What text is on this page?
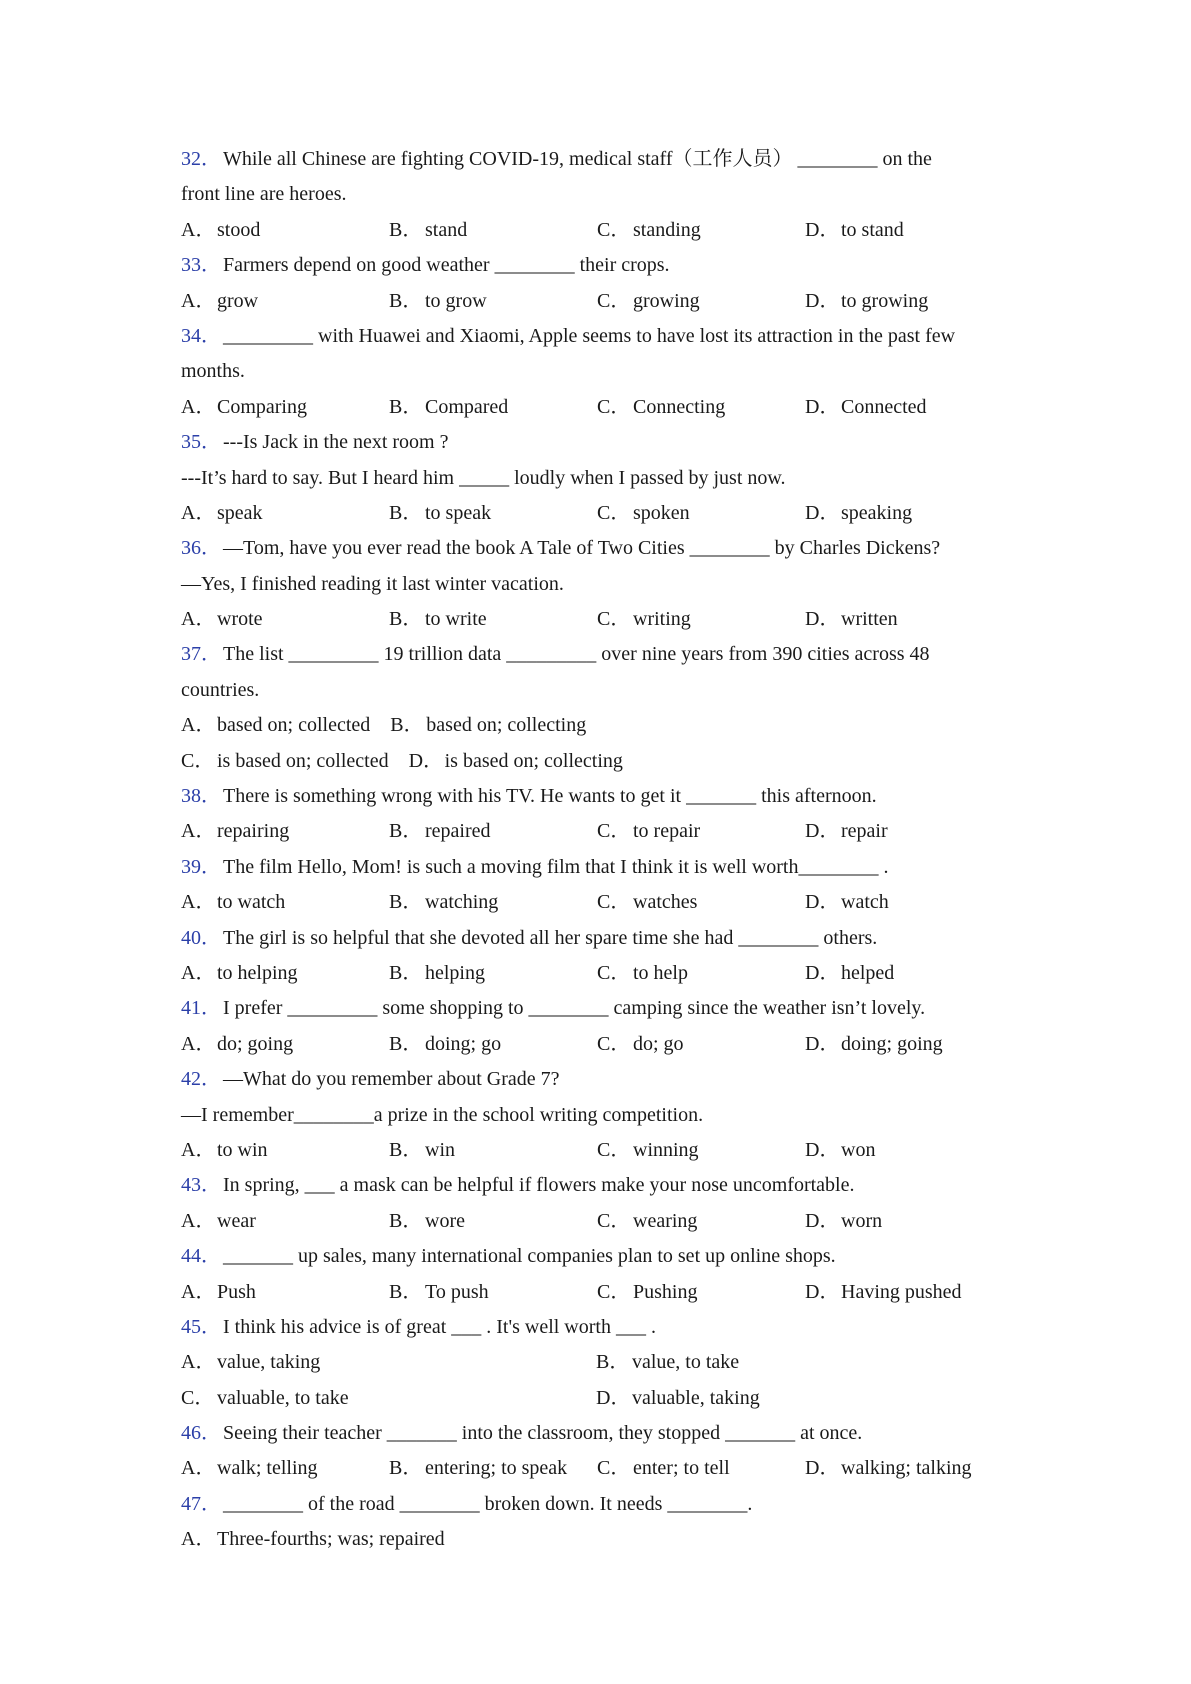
32． While all Chinese are fighting COVID-19, medical staff（工作人员） ________ on the
front line are heroes.
A．stood	B． stand	C． standing	D．to stand
33． Farmers depend on good weather ________ their crops.
A．grow	B． to grow	C． growing	D．to growing
34． _________ with Huawei and Xiaomi, Apple seems to have lost its attraction in the past few
months.
A．Comparing	B． Compared	C． Connecting	D．Connected
35． ---Is Jack in the next room ?
---It’s hard to say. But I heard him _____ loudly when I passed by just now.
A．speak	B． to speak	C． spoken	D．speaking
36． —Tom, have you ever read the book A Tale of Two Cities ________ by Charles Dickens?
—Yes, I finished reading it last winter vacation.
A．wrote	B． to write	C． writing	D．written
37． The list _________ 19 trillion data _________ over nine years from 390 cities across 48
countries.
A．based on; collected B． based on; collecting
C． is based on; collected D．is based on; collecting
38． There is something wrong with his TV. He wants to get it _______ this afternoon.
A．repairing	B． repaired	C． to repair	D．repair
39． The film Hello, Mom! is such a moving film that I think it is well worth________ .
A．to watch	B． watching	C． watches	D．watch
40． The girl is so helpful that she devoted all her spare time she had ________ others.
A．to helping	B． helping	C． to help	D．helped
41． I prefer _________ some shopping to ________ camping since the weather isn’t lovely.
A．do; going	B． doing; go	C． do; go	D．doing; going
42． —What do you remember about Grade 7?
—I remember________a prize in the school writing competition.
A．to win	B． win	C． winning	D．won
43． In spring, ___ a mask can be helpful if flowers make your nose uncomfortable.
A．wear	B． wore	C． wearing	D．worn
44． _______ up sales, many international companies plan to set up online shops.
A．Push	B． To push	C． Pushing	D．Having pushed
45． I think his advice is of great ___ . It's well worth ___ .
A．value, taking	B． value, to take
C． valuable, to take	D．valuable, taking
46． Seeing their teacher _______ into the classroom, they stopped _______ at once.
A．walk; telling	B． entering; to speak	C． enter; to tell	D．walking; talking
47． ________ of the road ________ broken down. It needs ________.
A．Three-fourths; was; repaired
